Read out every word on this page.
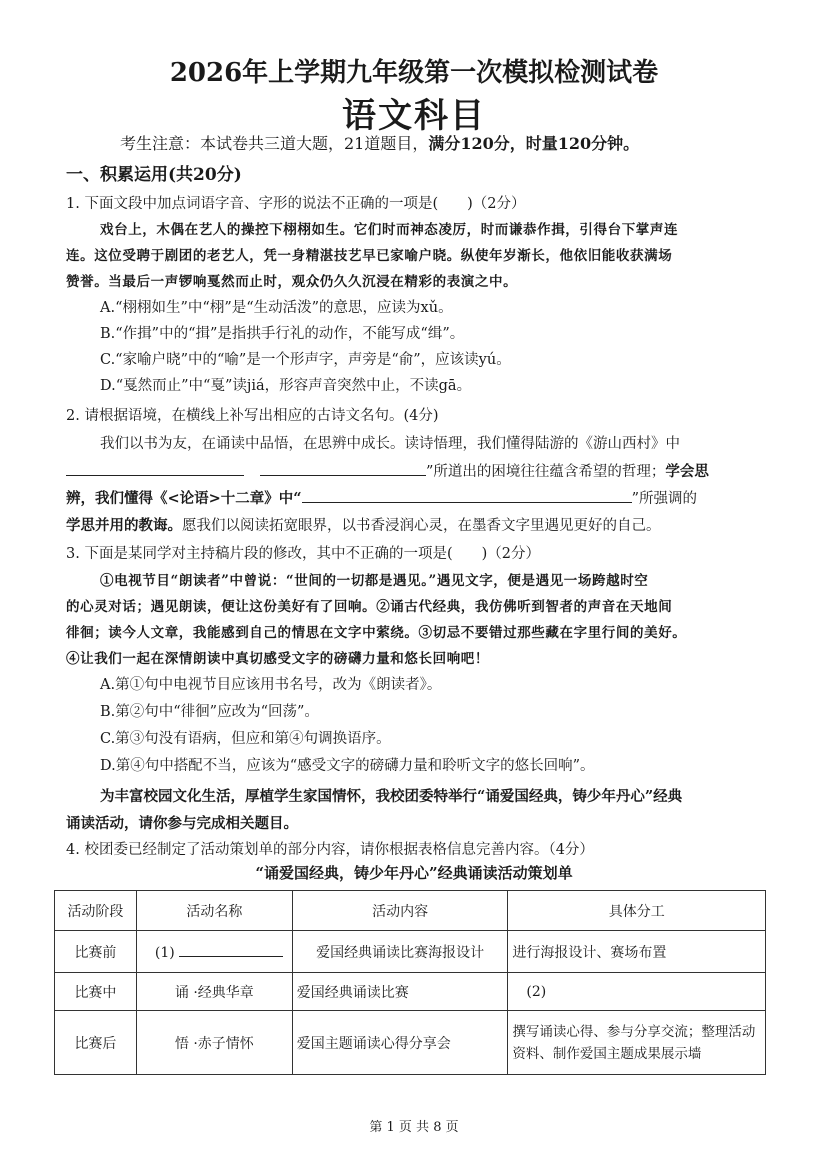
2026年上学期九年级第一次模拟检测试卷
语文科目
考生注意：本试卷共三道大题，21道题目，满分120分，时量120分钟。
一、积累运用(共20分)
1. 下面文段中加点词语字音、字形的说法不正确的一项是(　　)（2分）
戏台上，木偶在艺人的操控下栩栩如生。它们时而神态凌厉，时而谦恭作揖，引得台下掌声连
连。这位受聘于剧团的老艺人，凭一身精湛技艺早已家喻户晓。纵使年岁渐长，他依旧能收获满场
赞誉。当最后一声锣响戛然而止时，观众仍久久沉浸在精彩的表演之中。
A.“栩栩如生”中“栩”是“生动活泼”的意思，应读为xǔ。
B.“作揖”中的“揖”是指拱手行礼的动作，不能写成“缉”。
C.“家喻户晓”中的“喻”是一个形声字，声旁是“俞”，应该读yú。
D.“戛然而止”中“戛”读jiá，形容声音突然中止，不读gā。
2. 请根据语境，在横线上补写出相应的古诗文名句。(4分)
我们以书为友，在诵读中品悟，在思辨中成长。读诗悟理，我们懂得陆游的《游山西村》中
”所道出的困境往往蕴含希望的哲理；学会思
辨，我们懂得《<论语>十二章》中“	”所强调的
学思并用的教诲。愿我们以阅读拓宽眼界，以书香浸润心灵，在墨香文字里遇见更好的自己。
3. 下面是某同学对主持稿片段的修改，其中不正确的一项是(　　)（2分）
①电视节目“朗读者”中曾说：“世间的一切都是遇见。”遇见文字，便是遇见一场跨越时空
的心灵对话；遇见朗读，便让这份美好有了回响。②诵古代经典，我仿佛听到智者的声音在天地间
徘徊；读今人文章，我能感到自己的情思在文字中萦绕。③切忌不要错过那些藏在字里行间的美好。
④让我们一起在深情朗读中真切感受文字的磅礴力量和悠长回响吧！
A.第①句中电视节目应该用书名号，改为《朗读者》。
B.第②句中“徘徊”应改为“回荡”。
C.第③句没有语病，但应和第④句调换语序。
D.第④句中搭配不当，应该为“感受文字的磅礴力量和聆听文字的悠长回响”。
为丰富校园文化生活，厚植学生家国情怀，我校团委特举行“诵爱国经典，铸少年丹心”经典
诵读活动，请你参与完成相关题目。
4. 校团委已经制定了活动策划单的部分内容，请你根据表格信息完善内容。（4分）
“诵爱国经典，铸少年丹心”经典诵读活动策划单
活动阶段	活动名称	活动内容	具体分工
比赛前	(1)	爱国经典诵读比赛海报设计	进行海报设计、赛场布置
比赛中	诵 ·经典华章	爱国经典诵读比赛	(2)
比赛后	悟 ·赤子情怀	爱国主题诵读心得分享会	撰写诵读心得、参与分享交流；整理活动资料、制作爱国主题成果展示墙
第 1 页 共 8 页
